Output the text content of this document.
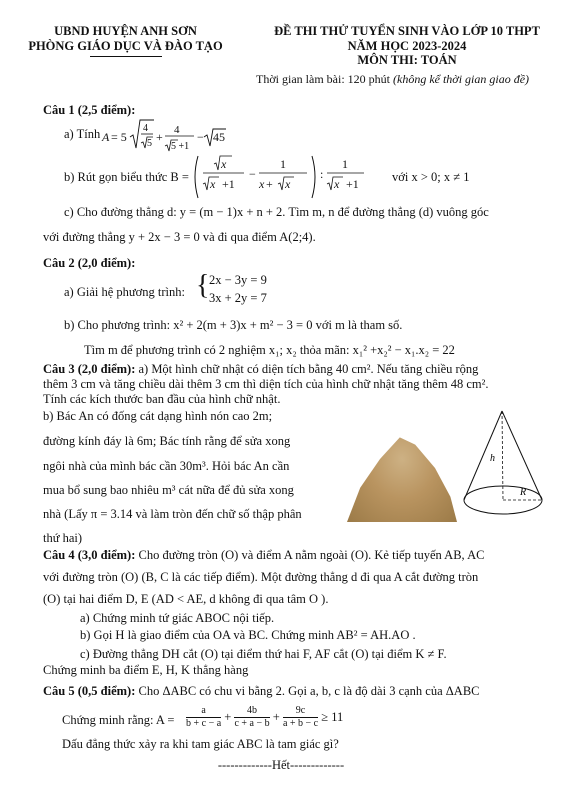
UBND HUYỆN ANH SƠN
PHÒNG GIÁO DỤC VÀ ĐÀO TẠO
ĐỀ THI THỬ TUYỂN SINH VÀO LỚP 10 THPT
NĂM HỌC 2023-2024
MÔN THI: TOÁN
Thời gian làm bài: 120 phút (không kể thời gian giao đề)
Câu 1 (2,5 điểm):
a) Tính A = 5
4
5 + 4
5 +1
− 45
b) Rút gọn biểu thức B =
x
x +1
−
1
x + x
:
1
x +1	với x > 0; x ≠ 1
c) Cho đường thẳng d: y = (m − 1)x + n + 2. Tìm m, n để đường thẳng (d) vuông góc
với đường thẳng y + 2x − 3 = 0 và đi qua điểm A(2;4).
Câu 2 (2,0 điểm):
a) Giải hệ phương trình: { 2x − 3y = 9
3x + 2y = 7
b) Cho phương trình: x² + 2(m + 3)x + m² − 3 = 0 với m là tham số.
Tìm m để phương trình có 2 nghiệm x₁; x₂ thỏa mãn: x₁² +x₂² − x₁.x₂ = 22
Câu 3 (2,0 điểm): a) Một hình chữ nhật có diện tích bằng 40 cm². Nếu tăng chiều rộng
thêm 3 cm và tăng chiều dài thêm 3 cm thì diện tích của hình chữ nhật tăng thêm 48 cm².
Tính các kích thước ban đầu của hình chữ nhật.
b) Bác An có đống cát dạng hình nón cao 2m;
đường kính đáy là 6m; Bác tính rằng để sửa xong
ngôi nhà của mình bác cần 30m³. Hỏi bác An cần
mua bổ sung bao nhiêu m³ cát nữa để đủ sửa xong
nhà (Lấy π = 3.14 và làm tròn đến chữ số thập phân
thứ hai)
h
R
Câu 4 (3,0 điểm): Cho đường tròn (O) và điểm A nằm ngoài (O). Kẻ tiếp tuyến AB, AC
với đường tròn (O) (B, C là các tiếp điểm). Một đường thẳng d đi qua A cắt đường tròn
(O) tại hai điểm D, E (AD < AE, d không đi qua tâm O ).
a) Chứng minh tứ giác ABOC nội tiếp.
b) Gọi H là giao điểm của OA và BC. Chứng minh AB² = AH.AO .
c) Đường thẳng DH cắt (O) tại điểm thứ hai F, AF cắt (O) tại điểm K ≠ F.
Chứng minh ba điểm E, H, K thẳng hàng
Câu 5 (0,5 điểm): Cho ΔABC có chu vi bằng 2. Gọi a, b, c là độ dài 3 cạnh của ΔABC
Chứng minh rằng: $A = \frac{a}{b + c - a} + \frac{4b}{c + a - b} + \frac{9c}{a + b - c} \ge 11$
Dấu đẳng thức xảy ra khi tam giác ABC là tam giác gì?
-------------Hết-------------
